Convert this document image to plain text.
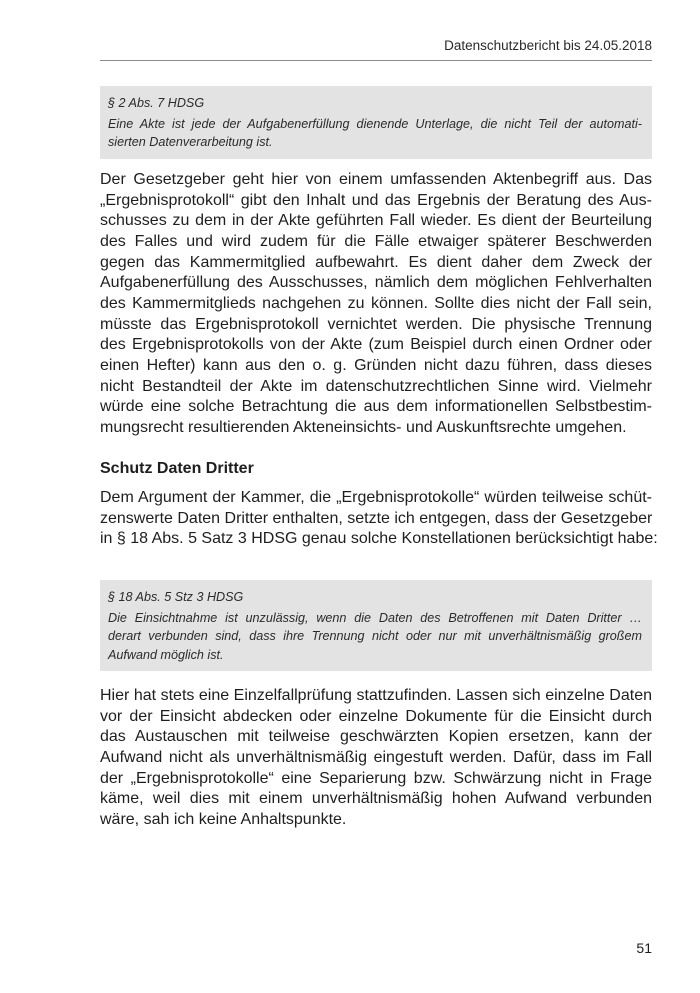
Datenschutzbericht bis 24.05.2018

§ 2 Abs. 7 HDSG

Eine Akte ist jede der Aufgabenerfüllung dienende Unterlage, die nicht Teil der automati-
sierten Datenverarbeitung ist.

Der Gesetzgeber geht hier von einem umfassenden Aktenbegriff aus. Das
„Ergebnisprotokoll“ gibt den Inhalt und das Ergebnis der Beratung des Aus-
schusses zu dem in der Akte geführten Fall wieder. Es dient der Beurteilung
des Falles und wird zudem für die Fälle etwaiger späterer Beschwerden
gegen das Kammermitglied aufbewahrt. Es dient daher dem Zweck der
Aufgabenerfüllung des Ausschusses, nämlich dem möglichen Fehlverhalten
des Kammermitglieds nachgehen zu können. Sollte dies nicht der Fall sein,
müsste das Ergebnisprotokoll vernichtet werden. Die physische Trennung
des Ergebnisprotokolls von der Akte (zum Beispiel durch einen Ordner oder
einen Hefter) kann aus den o. g. Gründen nicht dazu führen, dass dieses
nicht Bestandteil der Akte im datenschutzrechtlichen Sinne wird. Vielmehr
würde eine solche Betrachtung die aus dem informationellen Selbstbestim-
mungsrecht resultierenden Akteneinsichts- und Auskunftsrechte umgehen.
Schutz Daten Dritter
Dem Argument der Kammer, die „Ergebnisprotokolle“ würden teilweise schüt-
zenswerte Daten Dritter enthalten, setzte ich entgegen, dass der Gesetzgeber
in § 18 Abs. 5 Satz 3 HDSG genau solche Konstellationen berücksichtigt habe:

§ 18 Abs. 5 Stz 3 HDSG

Die Einsichtnahme ist unzulässig, wenn die Daten des Betroffenen mit Daten Dritter …
derart verbunden sind, dass ihre Trennung nicht oder nur mit unverhältnismäßig großem
Aufwand möglich ist.

Hier hat stets eine Einzelfallprüfung stattzufinden. Lassen sich einzelne Daten
vor der Einsicht abdecken oder einzelne Dokumente für die Einsicht durch
das Austauschen mit teilweise geschwärzten Kopien ersetzen, kann der
Aufwand nicht als unverhältnismäßig eingestuft werden. Dafür, dass im Fall
der „Ergebnisprotokolle“ eine Separierung bzw. Schwärzung nicht in Frage
käme, weil dies mit einem unverhältnismäßig hohen Aufwand verbunden
wäre, sah ich keine Anhaltspunkte.
51
